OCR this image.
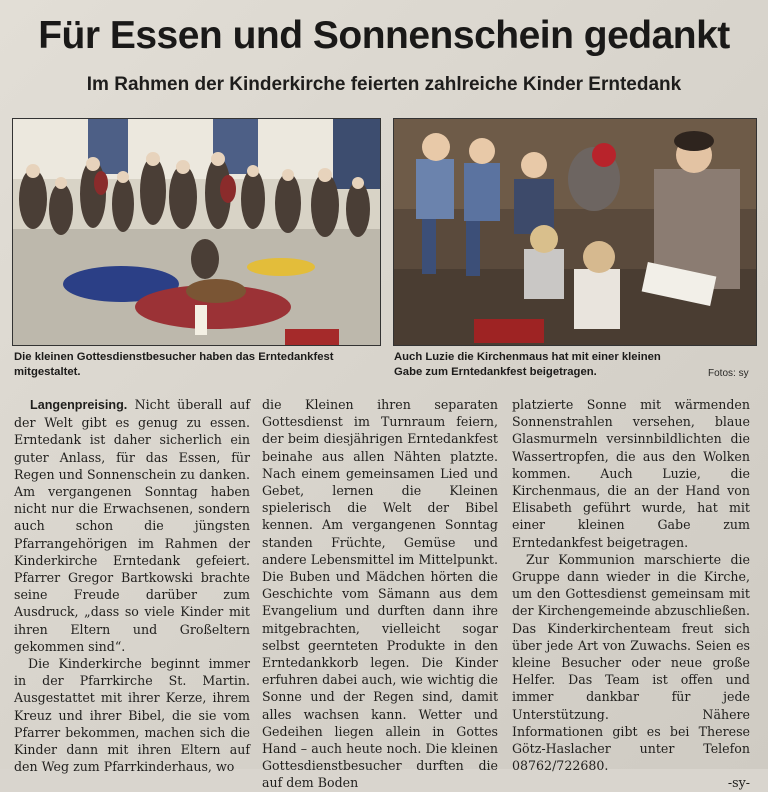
Für Essen und Sonnenschein gedankt
Im Rahmen der Kinderkirche feierten zahlreiche Kinder Erntedank
Die kleinen Gottesdienstbesucher haben das Erntedankfest mitgestaltet.
Auch Luzie die Kirchenmaus hat mit einer kleinen Gabe zum Erntedankfest beigetragen.	Fotos: sy

Langenpreising. Nicht überall auf der Welt gibt es genug zu essen. Erntedank ist daher sicherlich ein guter Anlass, für das Essen, für Regen und Sonnenschein zu danken. Am vergangenen Sonntag haben nicht nur die Erwachsenen, sondern auch schon die jüngsten Pfarrangehörigen im Rahmen der Kinderkirche Erntedank gefeiert. Pfarrer Gregor Bartkowski brachte seine Freude darüber zum Ausdruck, „dass so viele Kinder mit ihren Eltern und Großeltern gekommen sind“.

Die Kinderkirche beginnt immer in der Pfarrkirche St. Martin. Ausgestattet mit ihrer Kerze, ihrem Kreuz und ihrer Bibel, die sie vom Pfarrer bekommen, machen sich die Kinder dann mit ihren Eltern auf den Weg zum Pfarrkinderhaus, wo

die Kleinen ihren separaten Gottesdienst im Turnraum feiern, der beim diesjährigen Erntedankfest beinahe aus allen Nähten platzte. Nach einem gemeinsamen Lied und Gebet, lernen die Kleinen spielerisch die Welt der Bibel kennen. Am vergangenen Sonntag standen Früchte, Gemüse und andere Lebensmittel im Mittelpunkt. Die Buben und Mädchen hörten die Geschichte vom Sämann aus dem Evangelium und durften dann ihre mitgebrachten, vielleicht sogar selbst geernteten Produkte in den Erntedankkorb legen. Die Kinder erfuhren dabei auch, wie wichtig die Sonne und der Regen sind, damit alles wachsen kann. Wetter und Gedeihen liegen allein in Gottes Hand – auch heute noch. Die kleinen Gottesdienstbesucher durften die auf dem Boden

platzierte Sonne mit wärmenden Sonnenstrahlen versehen, blaue Glasmurmeln versinnbildlichten die Wassertropfen, die aus den Wolken kommen. Auch Luzie, die Kirchenmaus, die an der Hand von Elisabeth geführt wurde, hat mit einer kleinen Gabe zum Erntedankfest beigetragen.

Zur Kommunion marschierte die Gruppe dann wieder in die Kirche, um den Gottesdienst gemeinsam mit der Kirchengemeinde abzuschließen. Das Kinderkirchenteam freut sich über jede Art von Zuwachs. Seien es kleine Besucher oder neue große Helfer. Das Team ist offen und immer dankbar für jede Unterstützung. Nähere Informationen gibt es bei Therese Götz-Haslacher unter Telefon 08762/722680.

-sy-
